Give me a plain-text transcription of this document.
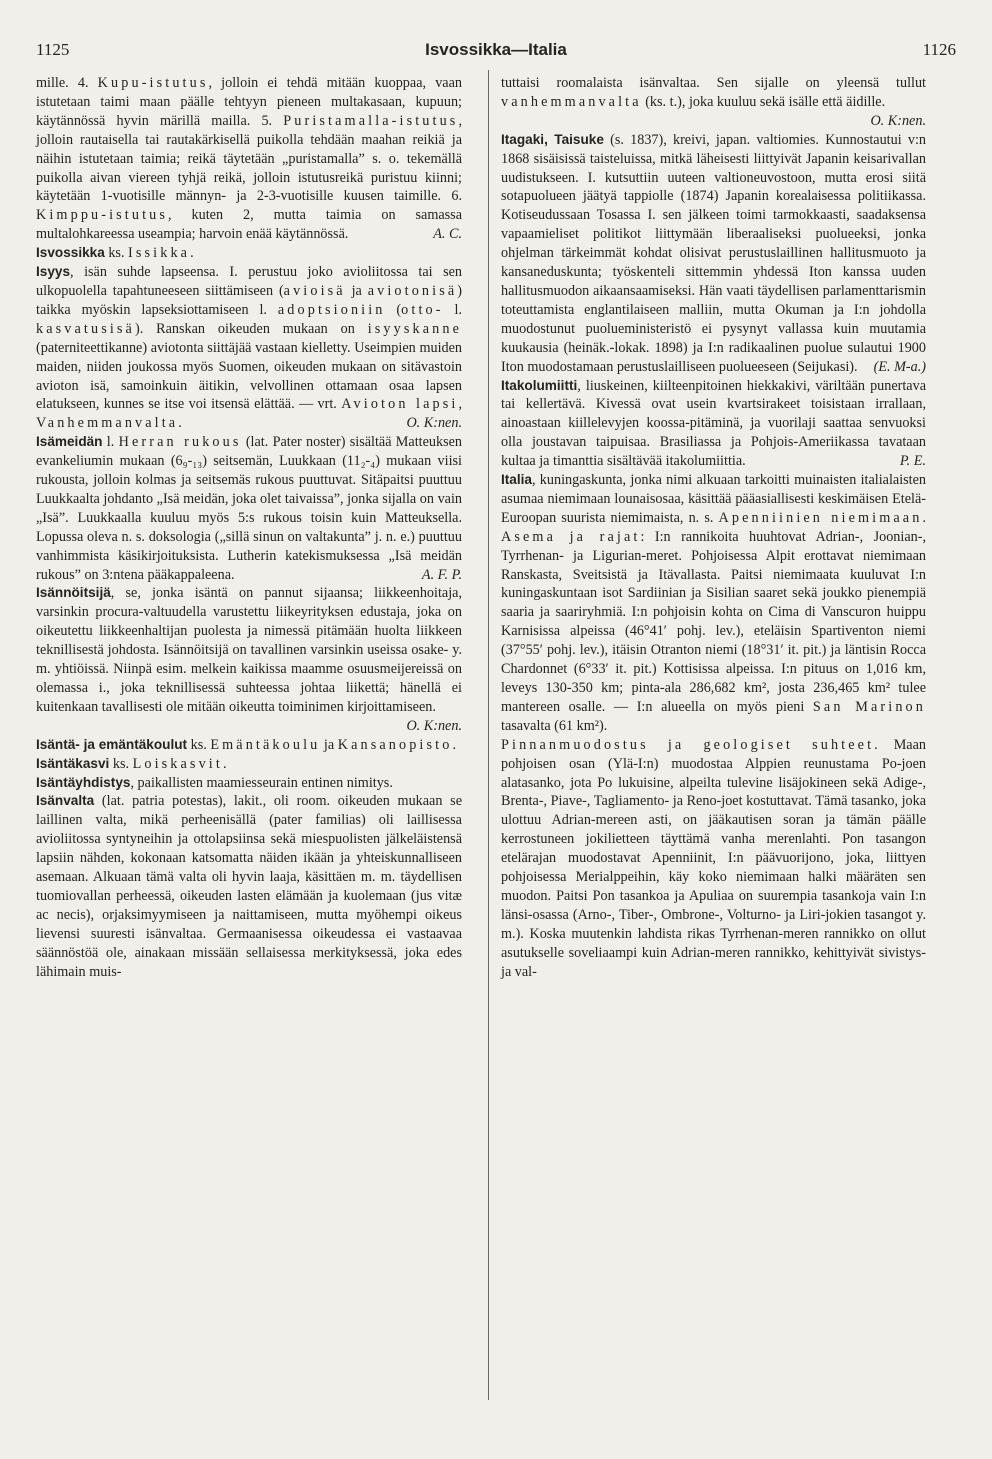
1125	Isvossikka—Italia	1126

mille. 4. Kupu-istutus, jolloin ei tehdä mitään kuoppaa, vaan istutetaan taimi maan päälle tehtyyn pieneen multakasaan, kupuun; käytännössä hyvin märillä mailla. 5. Puristamalla-istutus, jolloin rautaisella tai rautakärkisellä puikolla tehdään maahan reikiä ja näihin istutetaan taimia; reikä täytetään „puristamalla” s. o. tekemällä puikolla aivan viereen tyhjä reikä, jolloin istutusreikä puristuu kiinni; käytetään 1-vuotisille männyn- ja 2-3-vuotisille kuusen taimille. 6. Kimppu-istutus, kuten 2, mutta taimia on samassa multalohkareessa useampia; harvoin enää käytännössä.	A. C.

Isvossikka ks. Issikka.

Isyys, isän suhde lapseensa. I. perustuu joko avioliitossa tai sen ulkopuolella tapahtuneeseen siittämiseen (avioisä ja aviotonisä) taikka myöskin lapseksiottamiseen l. adoptsioniin (otto- l. kasvatusisä). Ranskan oikeuden mukaan on isyyskanne (paterniteettikanne) aviotonta siittäjää vastaan kielletty. Useimpien muiden maiden, niiden joukossa myös Suomen, oikeuden mukaan on sitävastoin avioton isä, samoinkuin äitikin, velvollinen ottamaan osaa lapsen elatukseen, kunnes se itse voi itsensä elättää. — vrt. Avioton lapsi, Vanhemmanvalta.	O. K:nen.

Isämeidän l. Herran rukous (lat. Pater noster) sisältää Matteuksen evankeliumin mukaan (6₉-₁₃) seitsemän, Luukkaan (11₂-₄) mukaan viisi rukousta, jolloin kolmas ja seitsemäs rukous puuttuvat. Sitäpaitsi puuttuu Luukkaalta johdanto „Isä meidän, joka olet taivaissa”, jonka sijalla on vain „Isä”. Luukkaalla kuuluu myös 5:s rukous toisin kuin Matteuksella. Lopussa oleva n. s. doksologia („sillä sinun on valtakunta” j. n. e.) puuttuu vanhimmista käsikirjoituksista. Lutherin katekismuksessa „Isä meidän rukous” on 3:ntena pääkappaleena.	A. F. P.

Isännöitsijä, se, jonka isäntä on pannut sijaansa; liikkeenhoitaja, varsinkin procura-valtuudella varustettu liikeyrityksen edustaja, joka on oikeutettu liikkeenhaltijan puolesta ja nimessä pitämään huolta liikkeen teknillisestä johdosta. Isännöitsijä on tavallinen varsinkin useissa osake- y. m. yhtiöissä. Niinpä esim. melkein kaikissa maamme osuusmeijereissä on olemassa i., joka teknillisessä suhteessa johtaa liikettä; hänellä ei kuitenkaan tavallisesti ole mitään oikeutta toiminimen kirjoittamiseen.
O. K:nen.

Isäntä- ja emäntäkoulut ks. Emäntäkoulu ja Kansanopisto.

Isäntäkasvi ks. Loiskasvit.

Isäntäyhdistys, paikallisten maamiesseurain entinen nimitys.

Isänvalta (lat. patria potestas), lakit., oli room. oikeuden mukaan se laillinen valta, mikä perheenisällä (pater familias) oli laillisessa avioliitossa syntyneihin ja ottolapsiinsa sekä miespuolisten jälkeläistensä lapsiin nähden, kokonaan katsomatta näiden ikään ja yhteiskunnalliseen asemaan. Alkuaan tämä valta oli hyvin laaja, käsittäen m. m. täydellisen tuomiovallan perheessä, oikeuden lasten elämään ja kuolemaan (jus vitæ ac necis), orjaksimyymiseen ja naittamiseen, mutta myöhempi oikeus lievensi suuresti isänvaltaa. Germaanisessa oikeudessa ei vastaavaa säännöstöä ole, ainakaan missään sellaisessa merkityksessä, joka edes lähimain muis-

tuttaisi roomalaista isänvaltaa. Sen sijalle on yleensä tullut vanhemmanvalta (ks. t.), joka kuuluu sekä isälle että äidille.
O. K:nen.

Itagaki, Taisuke (s. 1837), kreivi, japan. valtiomies. Kunnostautui v:n 1868 sisäisissä taisteluissa, mitkä läheisesti liittyivät Japanin keisarivallan uudistukseen. I. kutsuttiin uuteen valtioneuvostoon, mutta erosi siitä sotapuolueen jäätyä tappiolle (1874) Japanin korealaisessa politiikassa. Kotiseudussaan Tosassa I. sen jälkeen toimi tarmokkaasti, saadaksensa vapaamieliset politikot liittymään liberaaliseksi puolueeksi, jonka ohjelman tärkeimmät kohdat olisivat perustuslaillinen hallitusmuoto ja kansaneduskunta; työskenteli sittemmin yhdessä Iton kanssa uuden hallitusmuodon aikaansaamiseksi. Hän vaati täydellisen parlamenttarismin toteuttamista englantilaiseen malliin, mutta Okuman ja I:n johdolla muodostunut puolueministeristö ei pysynyt vallassa kuin muutamia kuukausia (heinäk.-lokak. 1898) ja I:n radikaalinen puolue sulautui 1900 Iton muodostamaan perustuslailliseen puolueeseen (Seijukasi).	(E. M-a.)

Itakolumiitti, liuskeinen, kiilteenpitoinen hiekkakivi, väriltään punertava tai kellertävä. Kivessä ovat usein kvartsirakeet toisistaan irrallaan, ainoastaan kiillelevyjen koossa-pitäminä, ja vuorilaji saattaa senvuoksi olla joustavan taipuisaa. Brasiliassa ja Pohjois-Ameriikassa tavataan kultaa ja timanttia sisältävää itakolumiittia.	P. E.

Italia, kuningaskunta, jonka nimi alkuaan tarkoitti muinaisten italialaisten asumaa niemimaan lounaisosaa, käsittää pääasiallisesti keskimäisen Etelä-Euroopan suurista niemimaista, n. s. Apenniinien niemimaan. Asema ja rajat: I:n rannikoita huuhtovat Adrian-, Joonian-, Tyrrhenan- ja Ligurian-meret. Pohjoisessa Alpit erottavat niemimaan Ranskasta, Sveitsistä ja Itävallasta. Paitsi niemimaata kuuluvat I:n kuningaskuntaan isot Sardiinian ja Sisilian saaret sekä joukko pienempiä saaria ja saariryhmiä. I:n pohjoisin kohta on Cima di Vanscuron huippu Karnisissa alpeissa (46°41′ pohj. lev.), eteläisin Spartiventon niemi (37°55′ pohj. lev.), itäisin Otranton niemi (18°31′ it. pit.) ja läntisin Rocca Chardonnet (6°33′ it. pit.) Kottisissa alpeissa. I:n pituus on 1,016 km, leveys 130-350 km; pinta-ala 286,682 km², josta 236,465 km² tulee mantereen osalle. — I:n alueella on myös pieni San Marinon tasavalta (61 km²).

Pinnanmuodostus ja geologiset suhteet. Maan pohjoisen osan (Ylä-I:n) muodostaa Alppien reunustama Po-joen alatasanko, jota Po lukuisine, alpeilta tulevine lisäjokineen sekä Adige-, Brenta-, Piave-, Tagliamento- ja Reno-joet kostuttavat. Tämä tasanko, joka ulottuu Adrian-mereen asti, on jääkautisen soran ja tämän päälle kerrostuneen jokilietteen täyttämä vanha merenlahti. Pon tasangon etelärajan muodostavat Apenniinit, I:n päävuorijono, joka, liittyen pohjoisessa Merialppeihin, käy koko niemimaan halki määräten sen muodon. Paitsi Pon tasankoa ja Apuliaa on suurempia tasankoja vain I:n länsi-osassa (Arno-, Tiber-, Ombrone-, Volturno- ja Liri-jokien tasangot y. m.). Koska muutenkin lahdista rikas Tyrrhenan-meren rannikko on ollut asutukselle soveliaampi kuin Adrian-meren rannikko, kehittyivät sivistys- ja val-
